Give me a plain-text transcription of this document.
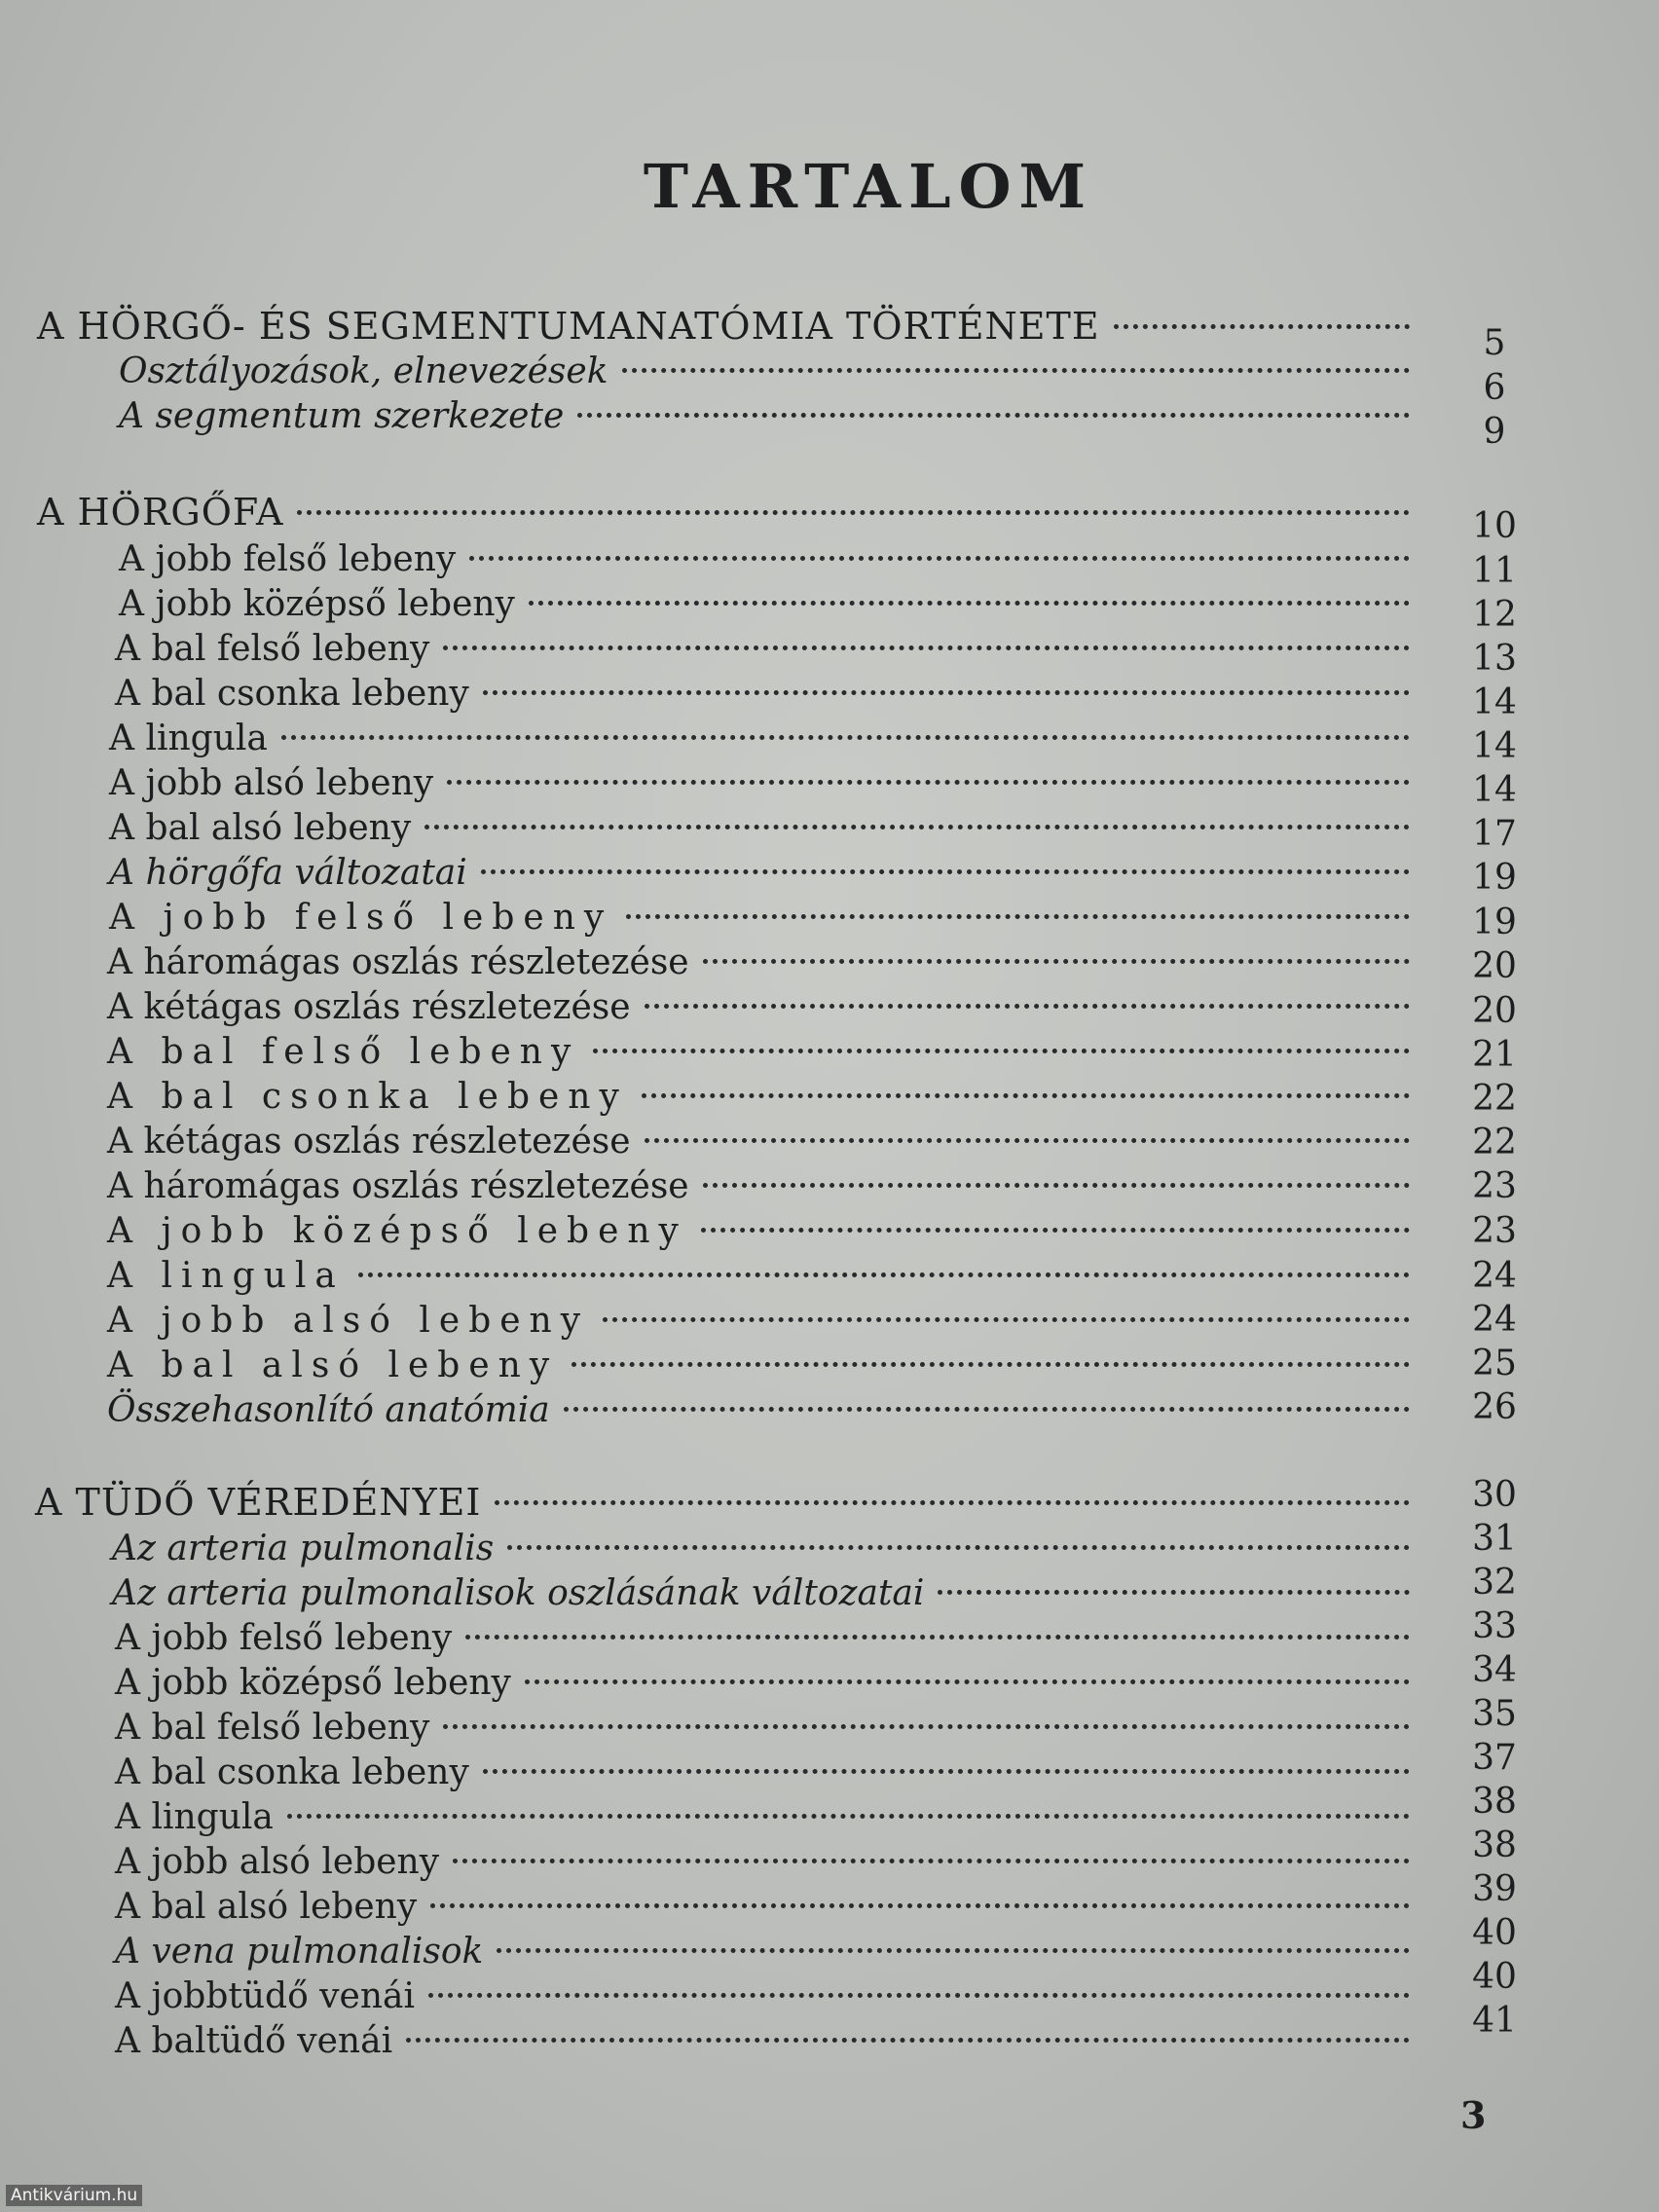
TARTALOM
A HÖRGŐ- ÉS SEGMENTUMANATÓMIA TÖRTÉNETE
Osztályozások, elnevezések
A segmentum szerkezete
A HÖRGŐFA
A jobb felső lebeny
A jobb középső lebeny
A bal felső lebeny
A bal csonka lebeny
A lingula
A jobb alsó lebeny
A bal alsó lebeny
A hörgőfa változatai
A jobb felső lebeny
A háromágas oszlás részletezése
A kétágas oszlás részletezése
A bal felső lebeny
A bal csonka lebeny
A kétágas oszlás részletezése
A háromágas oszlás részletezése
A jobb középső lebeny
A lingula
A jobb alsó lebeny
A bal alsó lebeny
Összehasonlító anatómia
A TÜDŐ VÉREDÉNYEI
Az arteria pulmonalis
Az arteria pulmonalisok oszlásának változatai
A jobb felső lebeny
A jobb középső lebeny
A bal felső lebeny
A bal csonka lebeny
A lingula
A jobb alsó lebeny
A bal alsó lebeny
A vena pulmonalisok
A jobbtüdő venái
A baltüdő venái
5
6
9
10
11
12
13
14
14
14
17
19
19
20
20
21
22
22
23
23
24
24
25
26
30
31
32
33
34
35
37
38
38
39
40
40
41
3
Antikvárium.hu
